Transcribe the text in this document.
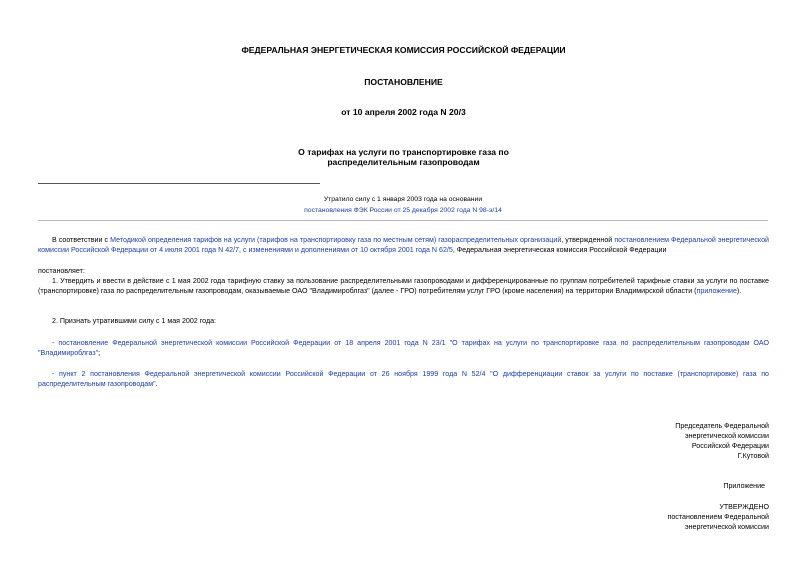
ФЕДЕРАЛЬНАЯ ЭНЕРГЕТИЧЕСКАЯ КОМИССИЯ РОССИЙСКОЙ ФЕДЕРАЦИИ
ПОСТАНОВЛЕНИЕ
от 10 апреля 2002 года N 20/3
О тарифах на услуги по транспортировке газа по
распределительным газопроводам
Утратило силу с 1 января 2003 года на основании
постановления ФЭК России от 25 декабря 2002 года N 98-э/14
В соответствии с Методикой определения тарифов на услуги (тарифов на транспортировку газа по местным сетям) газораспределительных организаций, утвержденной постановлением Федеральной энергетической комиссии Российской Федерации от 4 июля 2001 года N 42/7, с изменениями и дополнениями от 10 октября 2001 года N 62/5, Федеральная энергетическая комиссия Российской Федерации
постановляет:
1. Утвердить и ввести в действие с 1 мая 2002 года тарифную ставку за пользование распределительными газопроводами и дифференцированные по группам потребителей тарифные ставки за услуги по поставке (транспортировке) газа по распределительным газопроводам, оказываемые ОАО "Владимироблгаз" (далее - ГРО) потребителям услуг ГРО (кроме населения) на территории Владимирской области (приложение).
2. Признать утратившими силу с 1 мая 2002 года:
- постановление Федеральной энергетической комиссии Российской Федерации от 18 апреля 2001 года N 23/1 "О тарифах на услуги по транспортировке газа по распределительным газопроводам ОАО "Владимироблгаз";
- пункт 2 постановления Федеральной энергетической комиссии Российской Федерации от 26 ноября 1999 года N 52/4 "О дифференциации ставок за услуги по поставке (транспортировке) газа по распределительным газопроводам".
Председатель Федеральной
энергетической комиссии
Российской Федерации
Г.Кутовой
Приложение
УТВЕРЖДЕНО
постановлением Федеральной
энергетической комиссии
